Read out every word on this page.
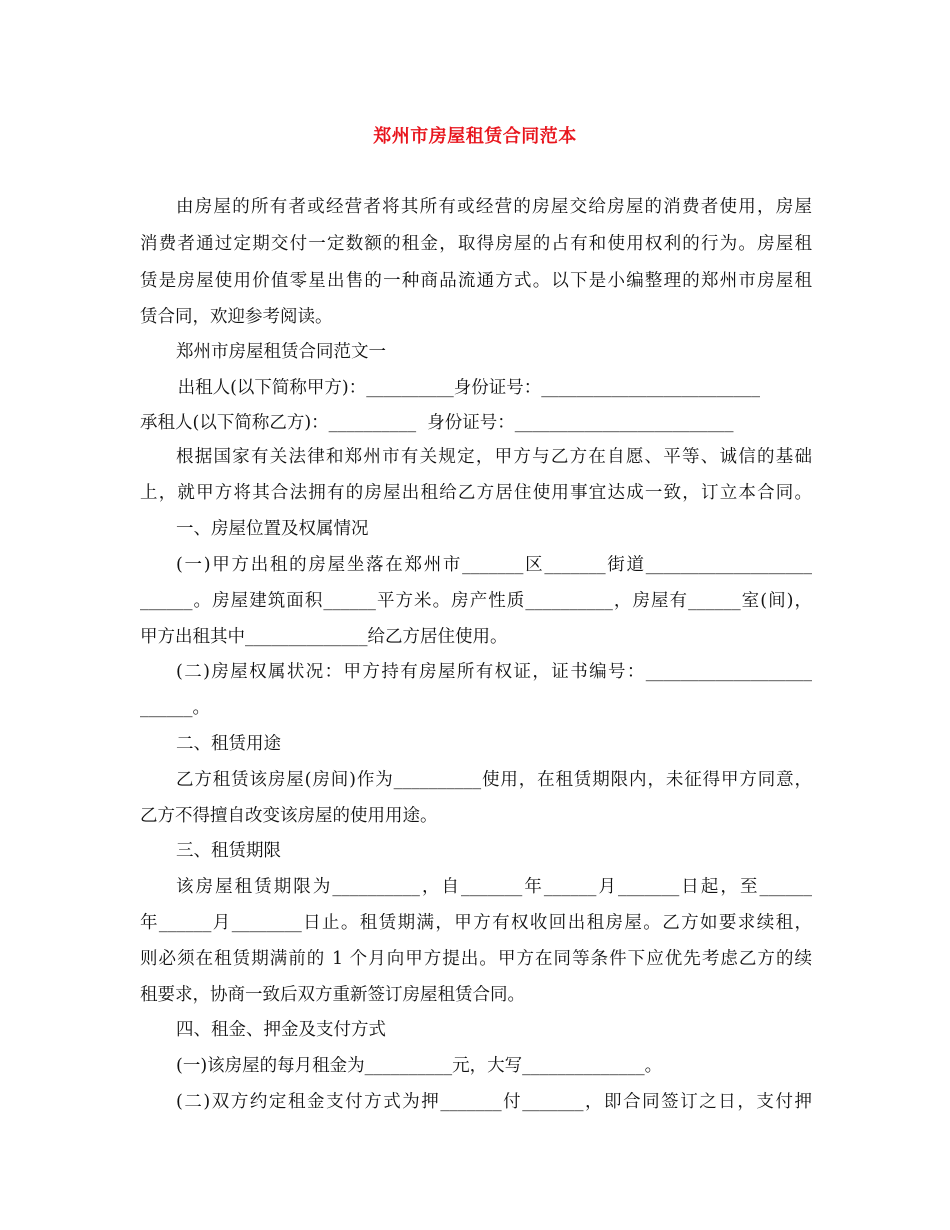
郑州市房屋租赁合同范本
由房屋的所有者或经营者将其所有或经营的房屋交给房屋的消费者使用，房屋
消费者通过定期交付一定数额的租金，取得房屋的占有和使用权利的行为。房屋租
赁是房屋使用价值零星出售的一种商品流通方式。以下是小编整理的郑州市房屋租
赁合同，欢迎参考阅读。
郑州市房屋租赁合同范文一
出租人(以下简称甲方)：__________身份证号：_________________________
承租人(以下简称乙方)：__________  身份证号：_________________________
根据国家有关法律和郑州市有关规定，甲方与乙方在自愿、平等、诚信的基础
上，就甲方将其合法拥有的房屋出租给乙方居住使用事宜达成一致，订立本合同。
一、房屋位置及权属情况
(一)甲方出租的房屋坐落在郑州市_______区_______街道___________________
______。房屋建筑面积______平方米。房产性质__________，房屋有______室(间)，
甲方出租其中______________给乙方居住使用。
(二)房屋权属状况：甲方持有房屋所有权证，证书编号：___________________
______。
二、租赁用途
乙方租赁该房屋(房间)作为__________使用，在租赁期限内，未征得甲方同意，
乙方不得擅自改变该房屋的使用用途。
三、租赁期限
该房屋租赁期限为__________，自_______年______月_______日起，至______
年______月________日止。租赁期满，甲方有权收回出租房屋。乙方如要求续租，
则必须在租赁期满前的 1 个月向甲方提出。甲方在同等条件下应优先考虑乙方的续
租要求，协商一致后双方重新签订房屋租赁合同。
四、租金、押金及支付方式
(一)该房屋的每月租金为__________元，大写______________。
(二)双方约定租金支付方式为押_______付_______，即合同签订之日，支付押
